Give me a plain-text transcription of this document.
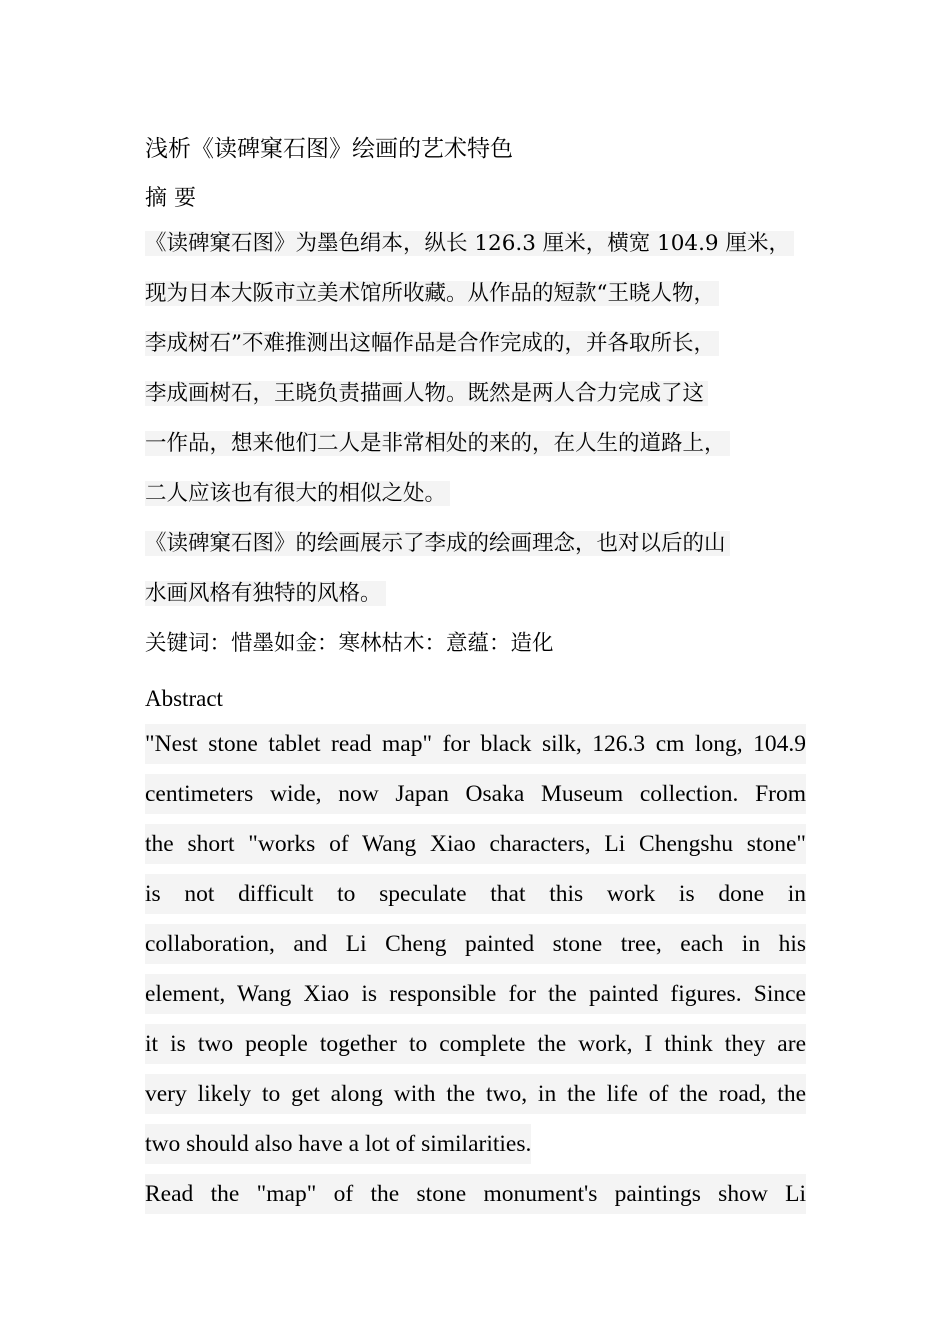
浅析《读碑窠石图》绘画的艺术特色
摘 要
《读碑窠石图》为墨色绢本，纵长 126.3 厘米，横宽 104.9 厘米，
现为日本大阪市立美术馆所收藏。从作品的短款“王晓人物，
李成树石”不难推测出这幅作品是合作完成的，并各取所长，
李成画树石，王晓负责描画人物。既然是两人合力完成了这
一作品，想来他们二人是非常相处的来的，在人生的道路上，
二人应该也有很大的相似之处。
《读碑窠石图》的绘画展示了李成的绘画理念，也对以后的山
水画风格有独特的风格。
关键词：惜墨如金：寒林枯木：意蕴：造化
Abstract
"Nest stone tablet read map" for black silk, 126.3 cm long, 104.9
centimeters wide, now Japan Osaka Museum collection. From
the short "works of Wang Xiao characters, Li Chengshu stone"
is not difficult to speculate that this work is done in
collaboration, and Li Cheng painted stone tree, each in his
element, Wang Xiao is responsible for the painted figures. Since
it is two people together to complete the work, I think they are
very likely to get along with the two, in the life of the road, the
two should also have a lot of similarities.
Read the "map" of the stone monument's paintings show Li
